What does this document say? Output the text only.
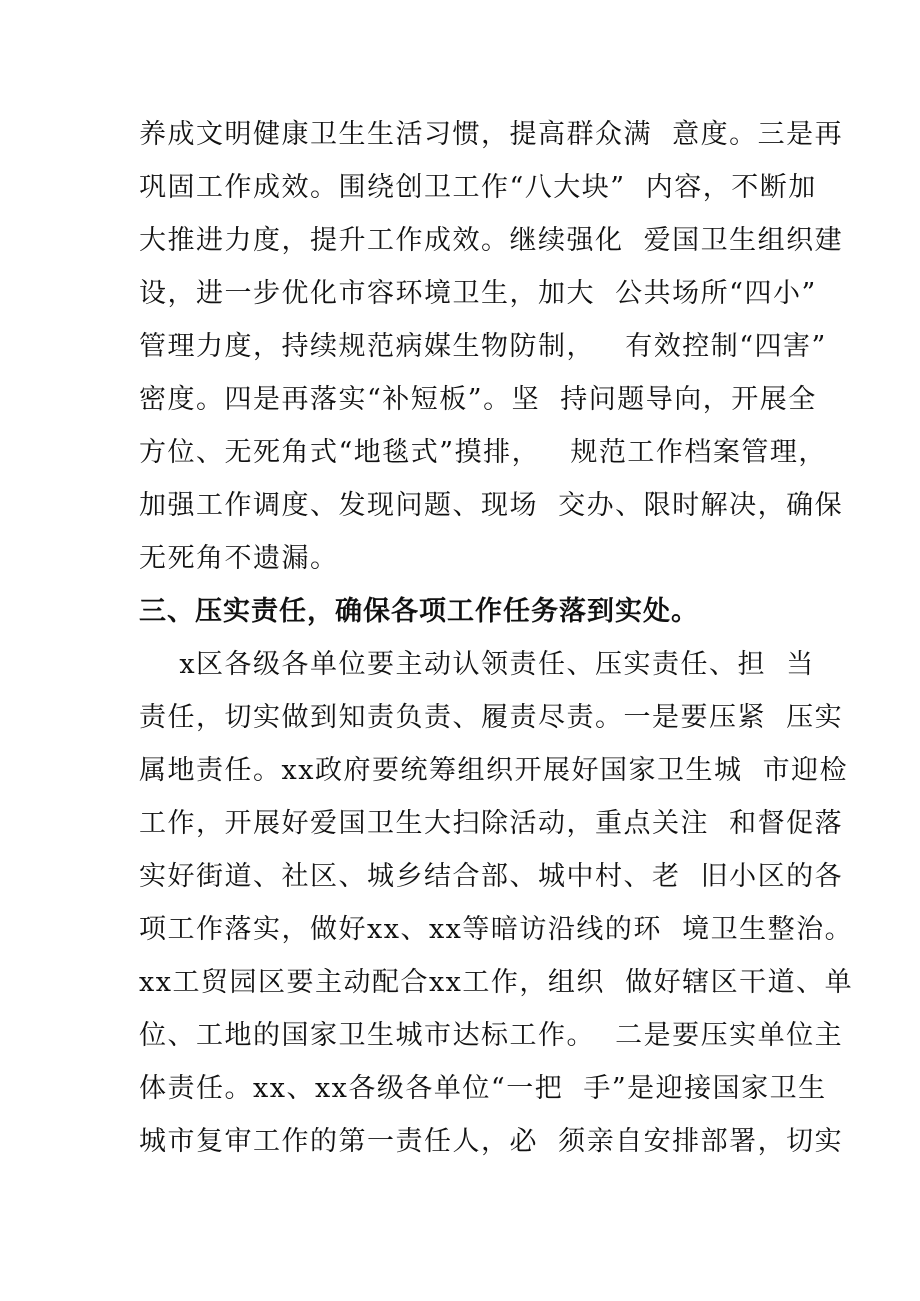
养成文明健康卫生生活习惯，提高群众满  意度。三是再
巩固工作成效。围绕创卫工作“八大块”  内容，不断加
大推进力度，提升工作成效。继续强化  爱国卫生组织建
设，进一步优化市容环境卫生，加大  公共场所“四小”
管理力度，持续规范病媒生物防制，   有效控制“四害”
密度。四是再落实“补短板”。坚  持问题导向，开展全
方位、无死角式“地毯式”摸排，   规范工作档案管理，
加强工作调度、发现问题、现场  交办、限时解决，确保
无死角不遗漏。
三、压实责任，确保各项工作任务落到实处。
x区各级各单位要主动认领责任、压实责任、担  当
责任，切实做到知责负责、履责尽责。一是要压紧  压实
属地责任。xx政府要统筹组织开展好国家卫生城  市迎检
工作，开展好爱国卫生大扫除活动，重点关注  和督促落
实好街道、社区、城乡结合部、城中村、老  旧小区的各
项工作落实，做好xx、xx等暗访沿线的环  境卫生整治。
xx工贸园区要主动配合xx工作，组织  做好辖区干道、单
位、工地的国家卫生城市达标工作。  二是要压实单位主
体责任。xx、xx各级各单位“一把  手”是迎接国家卫生
城市复审工作的第一责任人，必  须亲自安排部署，切实
